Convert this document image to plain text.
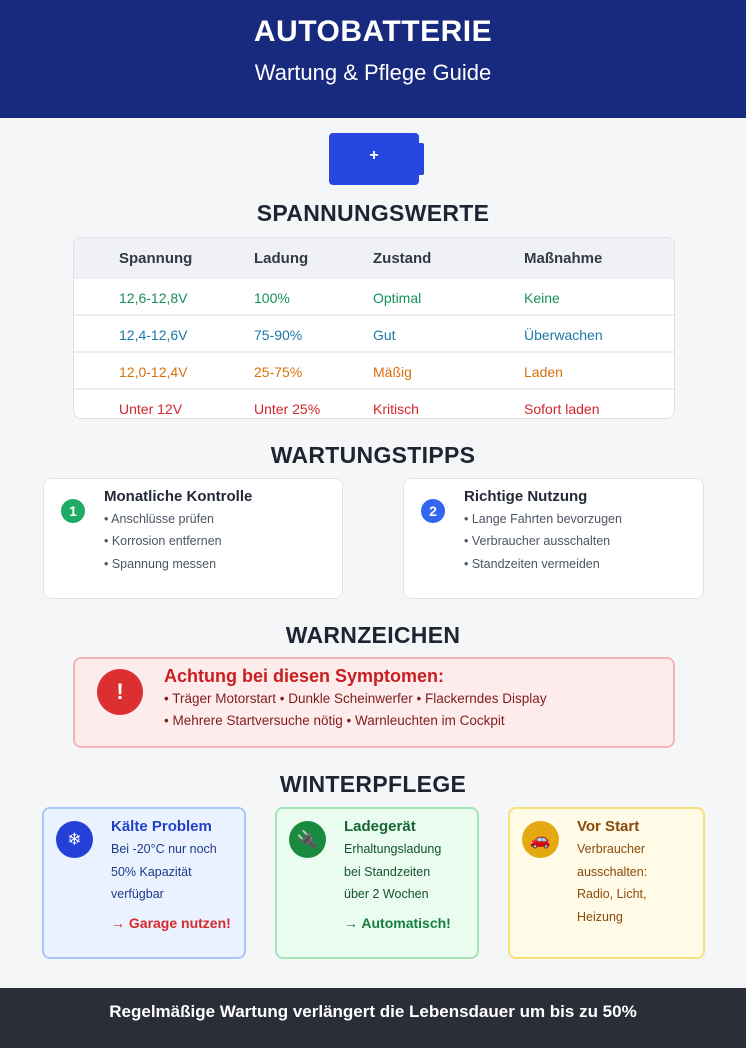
AUTOBATTERIE
Wartung & Pflege Guide
+
SPANNUNGSWERTE
Spannung	Ladung	Zustand	Maßnahme
12,6-12,8V	100%	Optimal	Keine
12,4-12,6V	75-90%	Gut	Überwachen
12,0-12,4V	25-75%	Mäßig	Laden
Unter 12V	Unter 25%	Kritisch	Sofort laden
WARTUNGSTIPPS
1
Monatliche Kontrolle
• Anschlüsse prüfen
• Korrosion entfernen
• Spannung messen
2
Richtige Nutzung
• Lange Fahrten bevorzugen
• Verbraucher ausschalten
• Standzeiten vermeiden
WARNZEICHEN
!
Achtung bei diesen Symptomen:
• Träger Motorstart • Dunkle Scheinwerfer • Flackerndes Display
• Mehrere Startversuche nötig • Warnleuchten im Cockpit
WINTERPFLEGE
❄
Kälte Problem
Bei -20°C nur noch
50% Kapazität
verfügbar
→ Garage nutzen!
🔌
Ladegerät
Erhaltungsladung
bei Standzeiten
über 2 Wochen
→ Automatisch!
🚗
Vor Start
Verbraucher
ausschalten:
Radio, Licht,
Heizung
Regelmäßige Wartung verlängert die Lebensdauer um bis zu 50%
